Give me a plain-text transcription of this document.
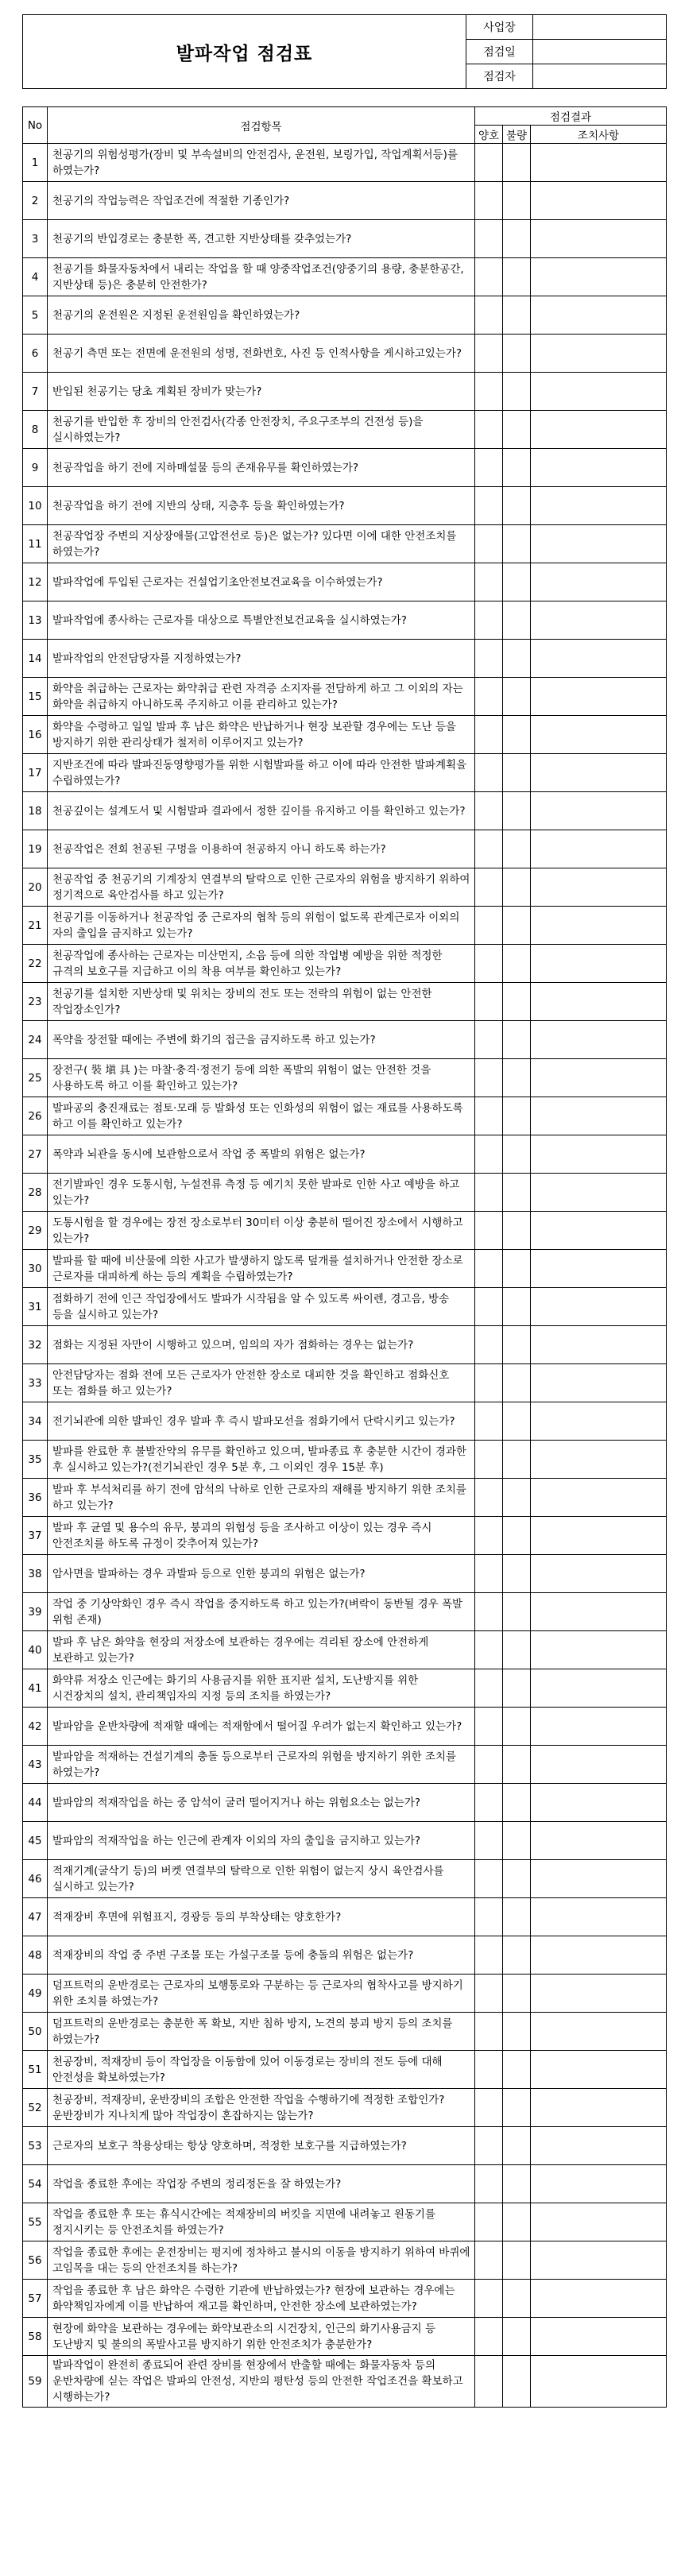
발파작업 점검표	사업장	
	점검일	
	점검자	
No	점검항목	점검결과		
		양호	불량	조치사항
1	천공기의 위험성평가(장비 및 부속설비의 안전검사, 운전원, 보링가입, 작업계획서등)를 하였는가?			
2	천공기의 작업능력은 작업조건에 적절한 기종인가?			
3	천공기의 반입경로는 충분한 폭, 견고한 지반상태를 갖추었는가?			
4	천공기를 화물자동차에서 내리는 작업을 할 때 양중작업조건(양중기의 용량, 충분한공간, 지반상태 등)은 충분히 안전한가?			
5	천공기의 운전원은 지정된 운전원임을 확인하였는가?			
6	천공기 측면 또는 전면에 운전원의 성명, 전화번호, 사진 등 인적사항을 게시하고있는가?			
7	반입된 천공기는 당초 계획된 장비가 맞는가?			
8	천공기를 반입한 후 장비의 안전검사(각종 안전장치, 주요구조부의 건전성 등)을 실시하였는가?			
9	천공작업을 하기 전에 지하매설물 등의 존재유무를 확인하였는가?			
10	천공작업을 하기 전에 지반의 상태, 지층후 등을 확인하였는가?			
11	천공작업장 주변의 지상장애물(고압전선로 등)은 없는가? 있다면 이에 대한 안전조치를 하였는가?			
12	발파작업에 투입된 근로자는 건설업기초안전보건교육을 이수하였는가?			
13	발파작업에 종사하는 근로자를 대상으로 특별안전보건교육을 실시하였는가?			
14	발파작업의 안전담당자를 지정하였는가?			
15	화약을 취급하는 근로자는 화약취급 관련 자격증 소지자를 전담하게 하고 그 이외의 자는 화약을 취급하지 아니하도록 주지하고 이를 관리하고 있는가?			
16	화약을 수령하고 일일 발파 후 남은 화약은 반납하거나 현장 보관할 경우에는 도난 등을 방지하기 위한 관리상태가 철저히 이루어지고 있는가?			
17	지반조건에 따라 발파진동영향평가를 위한 시험발파를 하고 이에 따라 안전한 발파계획을 수립하였는가?			
18	천공깊이는 설계도서 및 시험발파 결과에서 정한 깊이를 유지하고 이를 확인하고 있는가?			
19	천공작업은 전회 천공된 구멍을 이용하여 천공하지 아니 하도록 하는가?			
20	천공작업 중 천공기의 기계장치 연결부의 탈락으로 인한 근로자의 위험을 방지하기 위하여 정기적으로 육안검사를 하고 있는가?			
21	천공기를 이동하거나 천공작업 중 근로자의 협착 등의 위험이 없도록 관계근로자 이외의 자의 출입을 금지하고 있는가?			
22	천공작업에 종사하는 근로자는 미산먼지, 소음 등에 의한 작업병 예방을 위한 적정한 규격의 보호구를 지급하고 이의 착용 여부를 확인하고 있는가?			
23	천공기를 설치한 지반상태 및 위치는 장비의 전도 또는 전락의 위험이 없는 안전한 작업장소인가?			
24	폭약을 장전할 때에는 주변에 화기의 접근을 금지하도록 하고 있는가?			
25	장전구( 裝 塡 具 )는 마찰·충격·정전기 등에 의한 폭발의 위험이 없는 안전한 것을 사용하도록 하고 이를 확인하고 있는가?			
26	발파공의 충진재료는 점토·모래 등 발화성 또는 인화성의 위험이 없는 재료를 사용하도록 하고 이를 확인하고 있는가?			
27	폭약과 뇌관을 동시에 보관함으로서 작업 중 폭발의 위험은 없는가?			
28	전기발파인 경우 도통시험, 누설전류 측정 등 예기치 못한 발파로 인한 사고 예방을 하고 있는가?			
29	도통시험을 할 경우에는 장전 장소로부터 30미터 이상 충분히 떨어진 장소에서 시행하고 있는가?			
30	발파를 할 때에 비산물에 의한 사고가 발생하지 않도록 덮개를 설치하거나 안전한 장소로 근로자를 대피하게 하는 등의 계획을 수립하였는가?			
31	점화하기 전에 인근 작업장에서도 발파가 시작됨을 알 수 있도록 싸이렌, 경고음, 방송 등을 실시하고 있는가?			
32	점화는 지정된 자만이 시행하고 있으며, 임의의 자가 점화하는 경우는 없는가?			
33	안전담당자는 점화 전에 모든 근로자가 안전한 장소로 대피한 것을 확인하고 점화신호 또는 점화를 하고 있는가?			
34	전기뇌관에 의한 발파인 경우 발파 후 즉시 발파모선을 점화기에서 단락시키고 있는가?			
35	발파를 완료한 후 불발잔약의 유무를 확인하고 있으며, 발파종료 후 충분한 시간이 경과한 후 실시하고 있는가?(전기뇌관인 경우 5분 후, 그 이외인 경우 15분 후)			
36	발파 후 부석처리를 하기 전에 암석의 낙하로 인한 근로자의 재해를 방지하기 위한 조치를 하고 있는가?			
37	발파 후 균열 및 용수의 유무, 붕괴의 위험성 등을 조사하고 이상이 있는 경우 즉시 안전조치를 하도록 규정이 갖추어져 있는가?			
38	암사면을 발파하는 경우 과발파 등으로 인한 붕괴의 위험은 없는가?			
39	작업 중 기상악화인 경우 즉시 작업을 중지하도록 하고 있는가?(벼락이 동반될 경우 폭발 위험 존재)			
40	발파 후 남은 화약을 현장의 저장소에 보관하는 경우에는 격리된 장소에 안전하게 보관하고 있는가?			
41	화약류 저장소 인근에는 화기의 사용금지를 위한 표지판 설치, 도난방지를 위한 시건장치의 설치, 관리책임자의 지정 등의 조치를 하였는가?			
42	발파암을 운반차량에 적재할 때에는 적재함에서 떨어질 우려가 없는지 확인하고 있는가?			
43	발파암을 적재하는 건설기계의 충돌 등으로부터 근로자의 위험을 방지하기 위한 조치를 하였는가?			
44	발파암의 적재작업을 하는 중 암석이 굴러 떨어지거나 하는 위험요소는 없는가?			
45	발파암의 적재작업을 하는 인근에 관계자 이외의 자의 출입을 금지하고 있는가?			
46	적재기계(굴삭기 등)의 버켓 연결부의 탈락으로 인한 위험이 없는지 상시 육안검사를 실시하고 있는가?			
47	적재장비 후면에 위험표지, 경광등 등의 부착상태는 양호한가?			
48	적재장비의 작업 중 주변 구조물 또는 가설구조물 등에 충돌의 위험은 없는가?			
49	덤프트럭의 운반경로는 근로자의 보행통로와 구분하는 등 근로자의 협착사고를 방지하기 위한 조치를 하였는가?			
50	덤프트럭의 운반경로는 충분한 폭 확보, 지반 침하 방지, 노견의 붕괴 방지 등의 조치를 하였는가?			
51	천공장비, 적재장비 등이 작업장을 이동함에 있어 이동경로는 장비의 전도 등에 대해 안전성을 확보하였는가?			
52	천공장비, 적재장비, 운반장비의 조합은 안전한 작업을 수행하기에 적정한 조합인가? 운반장비가 지나치게 많아 작업장이 혼잡하지는 않는가?			
53	근로자의 보호구 착용상태는 항상 양호하며, 적정한 보호구를 지급하였는가?			
54	작업을 종료한 후에는 작업장 주변의 정리정돈을 잘 하였는가?			
55	작업을 종료한 후 또는 휴식시간에는 적재장비의 버킷을 지면에 내려놓고 원동기를 정지시키는 등 안전조치를 하였는가?			
56	작업을 종료한 후에는 운전장비는 평지에 정차하고 불시의 이동을 방지하기 위하여 바퀴에 고임목을 대는 등의 안전조치를 하는가?			
57	작업을 종료한 후 남은 화약은 수령한 기관에 반납하였는가? 현장에 보관하는 경우에는 화약책임자에게 이를 반납하여 재고를 확인하며, 안전한 장소에 보관하였는가?			
58	현장에 화약을 보관하는 경우에는 화약보관소의 시건장치, 인근의 화기사용금지 등 도난방지 및 불의의 폭발사고를 방지하기 위한 안전조치가 충분한가?			
59	발파작업이 완전히 종료되어 관련 장비를 현장에서 반출할 때에는 화물자동차 등의 운반차량에 싣는 작업은 발파의 안전성, 지반의 평탄성 등의 안전한 작업조건을 확보하고 시행하는가?			
